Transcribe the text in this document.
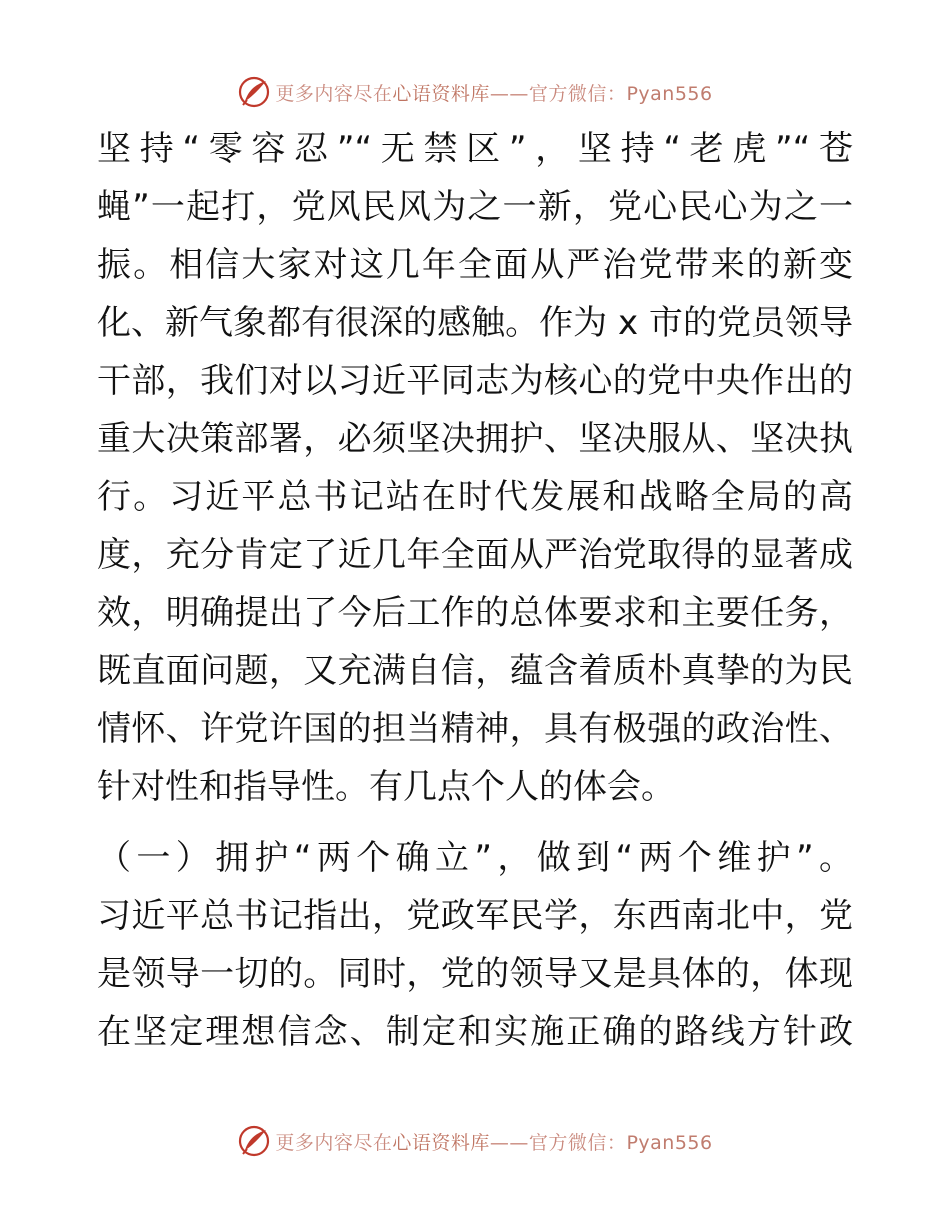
更多内容尽在心语资料库——官方微信：Pyan556
坚持“零容忍”“无禁区”，坚持“老虎”“苍
蝇”一起打，党风民风为之一新，党心民心为之一
振。相信大家对这几年全面从严治党带来的新变
化、新气象都有很深的感触。作为 x 市的党员领导
干部，我们对以习近平同志为核心的党中央作出的
重大决策部署，必须坚决拥护、坚决服从、坚决执
行。习近平总书记站在时代发展和战略全局的高
度，充分肯定了近几年全面从严治党取得的显著成
效，明确提出了今后工作的总体要求和主要任务，
既直面问题，又充满自信，蕴含着质朴真挚的为民
情怀、许党许国的担当精神，具有极强的政治性、
针对性和指导性。有几点个人的体会。
（一）拥护“两个确立”，做到“两个维护”。
习近平总书记指出，党政军民学，东西南北中，党
是领导一切的。同时，党的领导又是具体的，体现
在坚定理想信念、制定和实施正确的路线方针政
更多内容尽在心语资料库——官方微信：Pyan556
